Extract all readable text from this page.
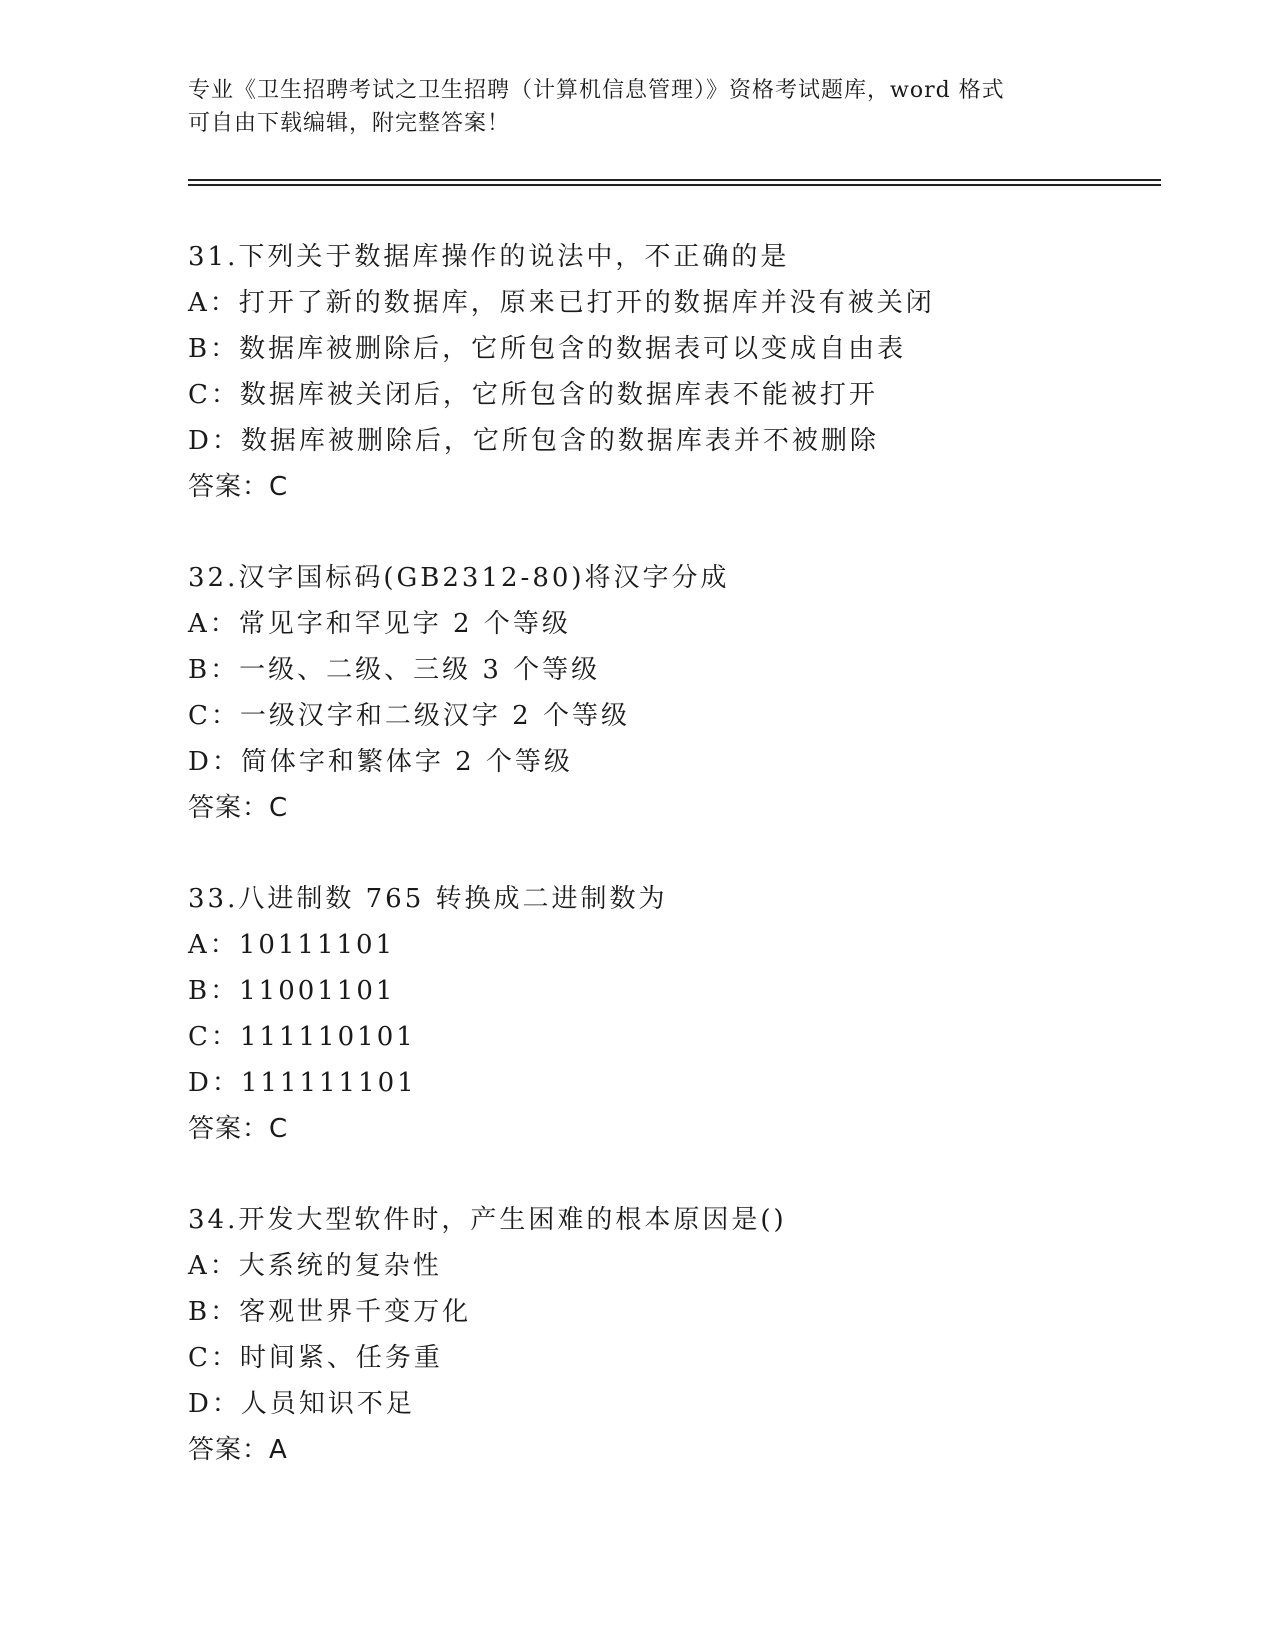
专业《卫生招聘考试之卫生招聘（计算机信息管理）》资格考试题库，word 格式
可自由下载编辑，附完整答案！
31.下列关于数据库操作的说法中，不正确的是
A：打开了新的数据库，原来已打开的数据库并没有被关闭
B：数据库被删除后，它所包含的数据表可以变成自由表
C：数据库被关闭后，它所包含的数据库表不能被打开
D：数据库被删除后，它所包含的数据库表并不被删除
答案：C
32.汉字国标码(GB2312-80)将汉字分成
A：常见字和罕见字 2 个等级
B：一级、二级、三级 3 个等级
C：一级汉字和二级汉字 2 个等级
D：简体字和繁体字 2 个等级
答案：C
33.八进制数 765 转换成二进制数为
A：10111101
B：11001101
C：111110101
D：111111101
答案：C
34.开发大型软件时，产生困难的根本原因是()
A：大系统的复杂性
B：客观世界千变万化
C：时间紧、任务重
D：人员知识不足
答案：A
